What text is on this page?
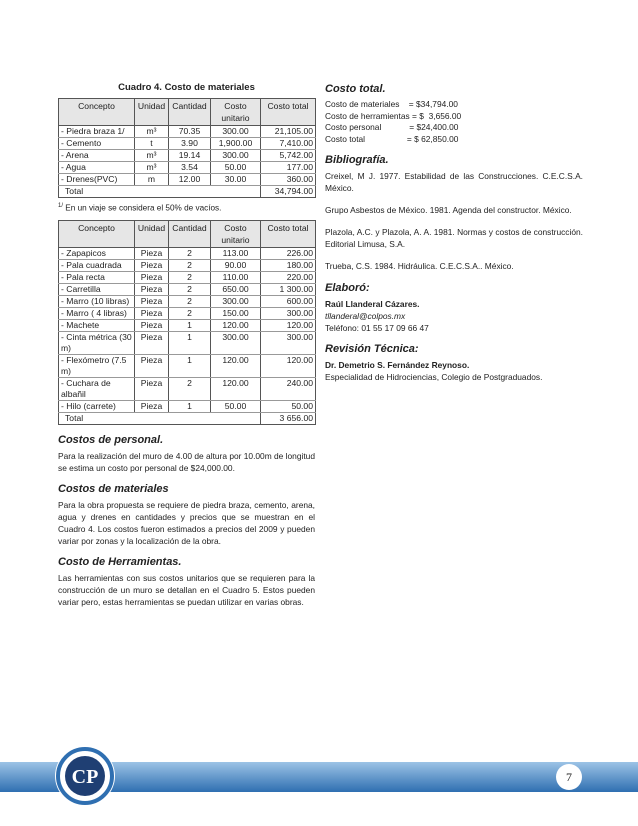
Cuadro 4. Costo de materiales
Concepto	Unidad	Cantidad	Costo unitario	Costo total
- Piedra braza 1/	m³	70.35	300.00	21,105.00
- Cemento	t	3.90	1,900.00	7,410.00
- Arena	m³	19.14	300.00	5,742.00
- Agua	m³	3.54	50.00	177.00
- Drenes(PVC)	m	12.00	30.00	360.00
Total				34,794.00
$^{1/}$ En un viaje se considera el 50% de vacíos.
Concepto	Unidad	Cantidad	Costo unitario	Costo total
- Zapapicos	Pieza	2	113.00	226.00
- Pala cuadrada	Pieza	2	90.00	180.00
- Pala recta	Pieza	2	110.00	220.00
- Carretilla	Pieza	2	650.00	1 300.00
- Marro (10 libras)	Pieza	2	300.00	600.00
- Marro ( 4 libras)	Pieza	2	150.00	300.00
- Machete	Pieza	1	120.00	120.00
- Cinta métrica (30 m)	Pieza	1	300.00	300.00
- Flexómetro (7.5 m)	Pieza	1	120.00	120.00
- Cuchara de albañil	Pieza	2	120.00	240.00
- Hilo (carrete)	Pieza	1	50.00	50.00
Total				3 656.00
Costos de personal.

Para la realización del muro de 4.00 de altura por 10.00m de longitud se estima un costo por personal de $24,000.00.

Costos de materiales

Para la obra propuesta se requiere de piedra braza, cemento, arena, agua y drenes en cantidades y precios que se muestran en el Cuadro 4. Los costos fueron estimados a precios del 2009 y pueden variar por zonas y la localización de la obra.

Costo de Herramientas.

Las herramientas con sus costos unitarios que se requieren para la construcción de un muro se detallan en el Cuadro 5. Estos pueden variar pero, estas herramientas se puedan utilizar en varias obras.

Costo total.
Costo de materiales    = $34,794.00
Costo de herramientas = $  3,656.00
Costo personal            = $24,400.00
Costo total                  = $ 62,850.00
Bibliografía.

Creixel, M J. 1977. Estabilidad de las Construcciones. C.E.C.S.A. México.

Grupo Asbestos de México. 1981. Agenda del constructor. México.

Plazola, A.C. y Plazola, A. A. 1981. Normas y costos de construcción. Editorial Limusa, S.A.

Trueba, C.S. 1984. Hidráulica. C.E.C.S.A.. México.

Elaboró:

Raúl Llanderal Cázares.

tllanderal@colpos.mx

Teléfono: 01 55 17 09 66 47

Revisión Técnica:

Dr. Demetrio S. Fernández Reynoso.

Especialidad de Hidrociencias, Colegio de Postgraduados.

CP	7
